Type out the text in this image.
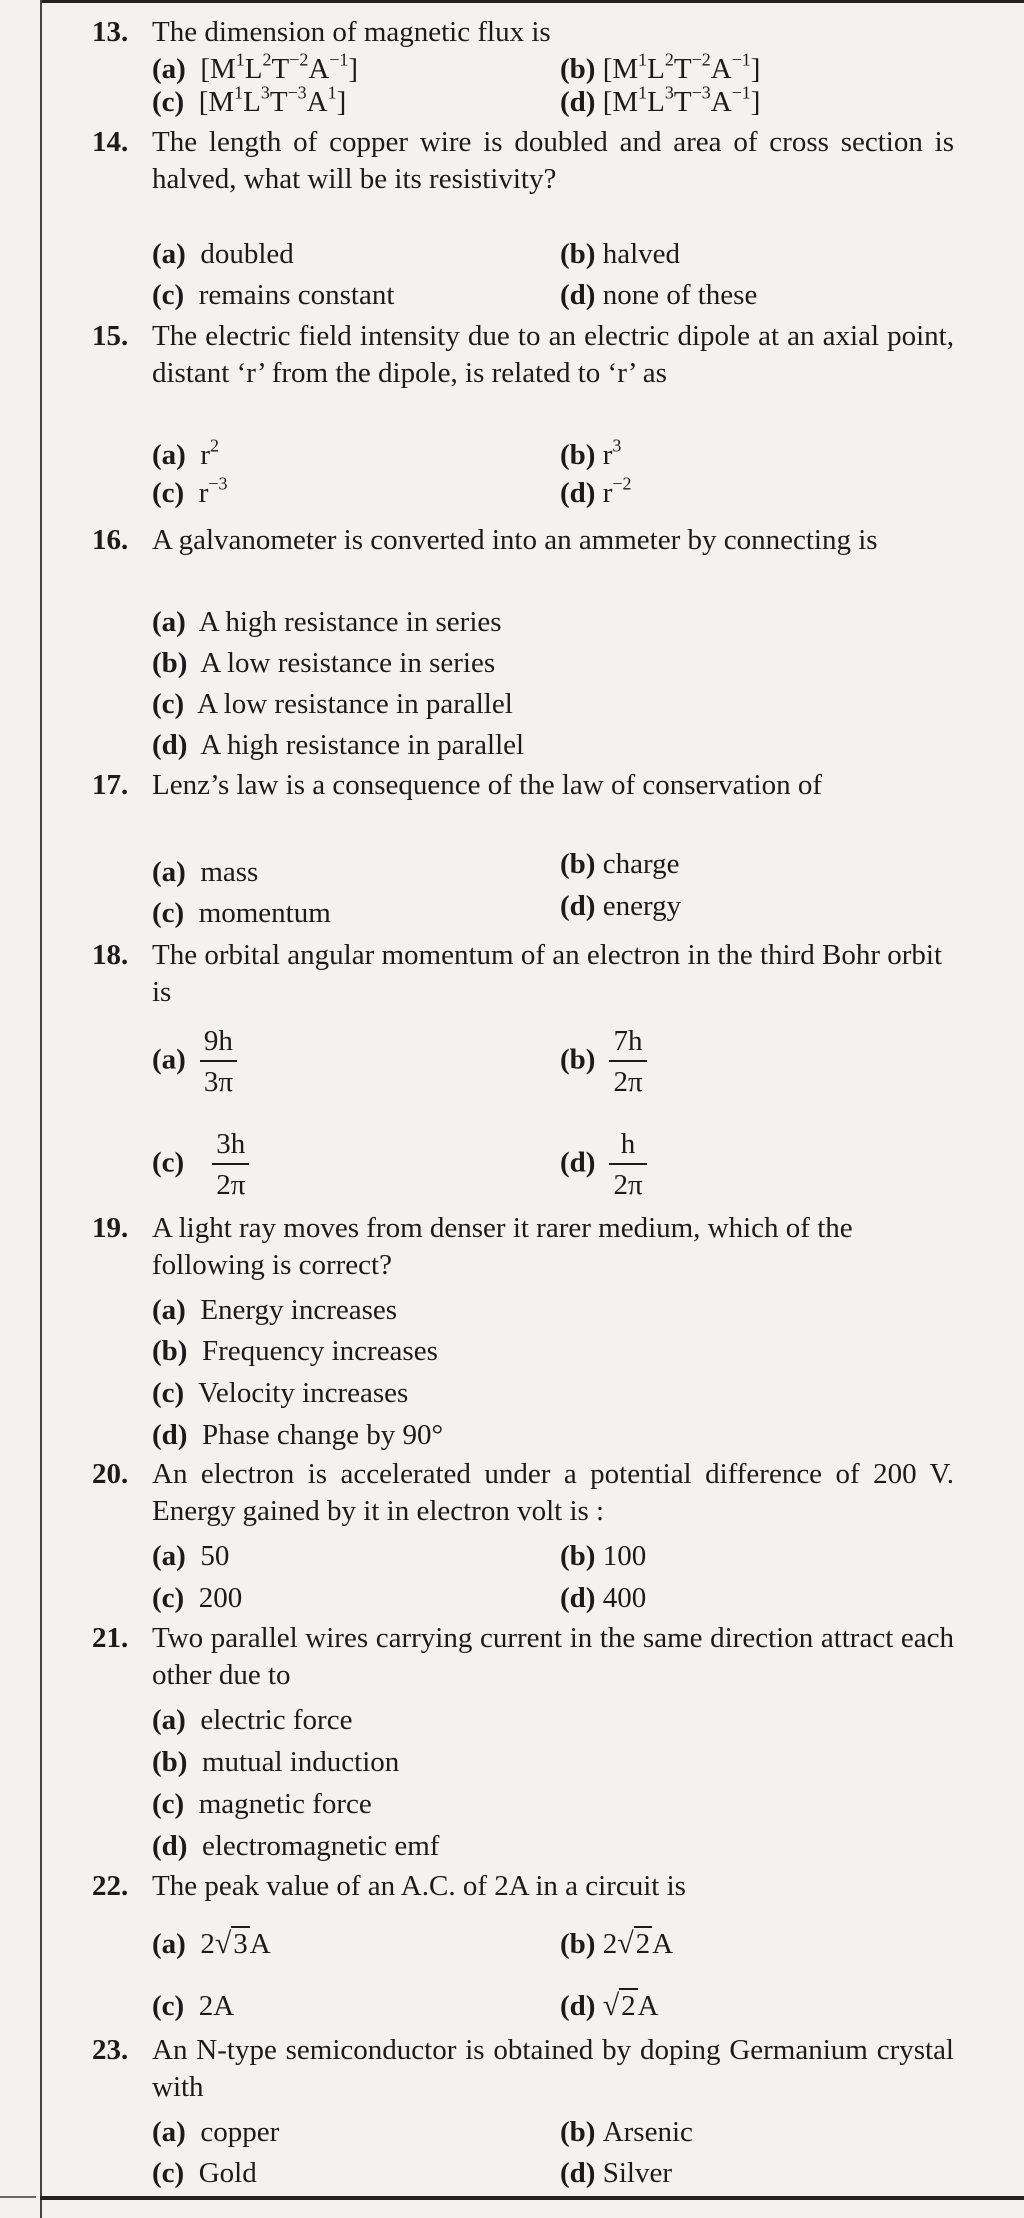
13. The dimension of magnetic flux is
(a) $[M^1L^2T^{-2}A^{-1}]$	(b) $[M^1L^2T^{-2}A^{-1}]$
(c) $[M^1L^3T^{-3}A^1]$	(d) $[M^1L^3T^{-3}A^{-1}]$
14. The length of copper wire is doubled and area of cross section is halved, what will be its resistivity?
(a) doubled	(b) halved
(c) remains constant	(d) none of these
15. The electric field intensity due to an electric dipole at an axial point, distant ‘r’ from the dipole, is related to ‘r’ as
(a) $r^2$	(b) $r^3$
(c) $r^{-3}$	(d) $r^{-2}$
16. A galvanometer is converted into an ammeter by connecting is
(a) A high resistance in series
(b) A low resistance in series
(c) A low resistance in parallel
(d) A high resistance in parallel
17. Lenz’s law is a consequence of the law of conservation of
(a) mass	(b) charge
(c) momentum	(d) energy
18. The orbital angular momentum of an electron in the third Bohr orbit is
$(a) \frac{9h}{3\pi}$	$(b) \frac{7h}{2\pi}$
$(c) \frac{3h}{2\pi}$	$(d) \frac{h}{2\pi}$
19. A light ray moves from denser it rarer medium, which of the following is correct?
(a) Energy increases
(b) Frequency increases
(c) Velocity increases
(d) Phase change by 90°
20. An electron is accelerated under a potential difference of 200 V. Energy gained by it in electron volt is :
(a) 50	(b) 100
(c) 200	(d) 400
21. Two parallel wires carrying current in the same direction attract each other due to
(a) electric force
(b) mutual induction
(c) magnetic force
(d) electromagnetic emf
22. The peak value of an A.C. of 2A in a circuit is
(a) 2√3A	(b) 2√2A
(c) 2A	(d) √2A
23. An N-type semiconductor is obtained by doping Germanium crystal with
(a) copper	(b) Arsenic
(c) Gold	(d) Silver
